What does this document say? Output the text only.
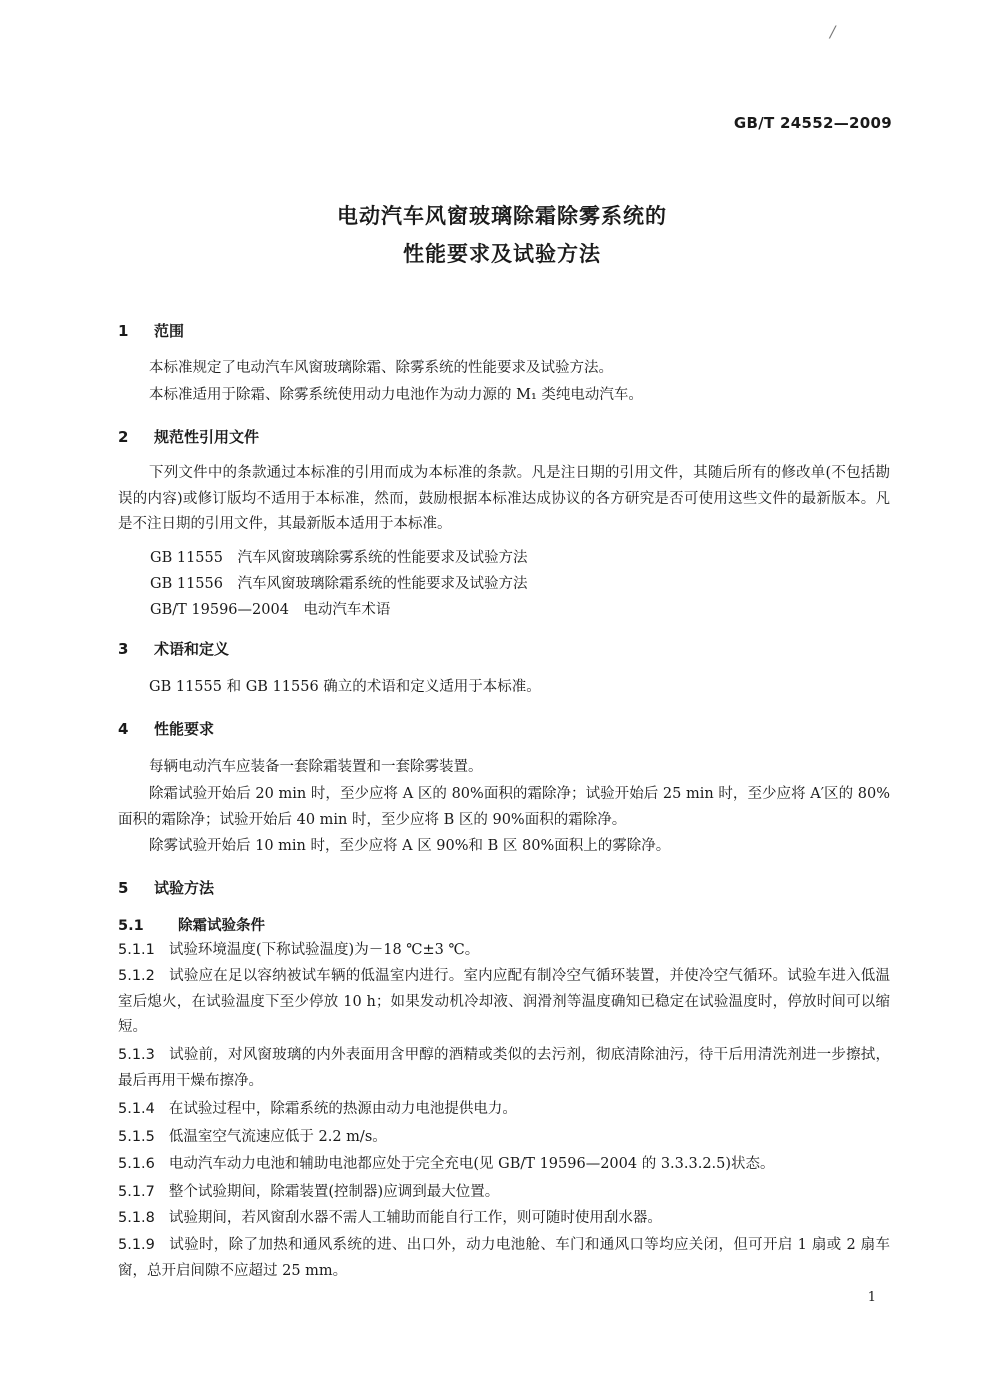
/
GB/T 24552—2009
电动汽车风窗玻璃除霜除雾系统的
性能要求及试验方法
1 范围
本标准规定了电动汽车风窗玻璃除霜、除雾系统的性能要求及试验方法。
本标准适用于除霜、除雾系统使用动力电池作为动力源的 M₁ 类纯电动汽车。
2 规范性引用文件
下列文件中的条款通过本标准的引用而成为本标准的条款。凡是注日期的引用文件，其随后所有的修改单(不包括勘误的内容)或修订版均不适用于本标准，然而，鼓励根据本标准达成协议的各方研究是否可使用这些文件的最新版本。凡是不注日期的引用文件，其最新版本适用于本标准。
GB 11555　汽车风窗玻璃除雾系统的性能要求及试验方法
GB 11556　汽车风窗玻璃除霜系统的性能要求及试验方法
GB/T 19596—2004　电动汽车术语
3 术语和定义
GB 11555 和 GB 11556 确立的术语和定义适用于本标准。
4 性能要求
每辆电动汽车应装备一套除霜装置和一套除雾装置。
除霜试验开始后 20 min 时，至少应将 A 区的 80%面积的霜除净；试验开始后 25 min 时，至少应将 A′区的 80%面积的霜除净；试验开始后 40 min 时，至少应将 B 区的 90%面积的霜除净。
除雾试验开始后 10 min 时，至少应将 A 区 90%和 B 区 80%面积上的雾除净。
5 试验方法
5.1 除霜试验条件
5.1.1 试验环境温度(下称试验温度)为－18 ℃±3 ℃。
5.1.2 试验应在足以容纳被试车辆的低温室内进行。室内应配有制冷空气循环装置，并使冷空气循环。试验车进入低温室后熄火，在试验温度下至少停放 10 h；如果发动机冷却液、润滑剂等温度确知已稳定在试验温度时，停放时间可以缩短。
5.1.3 试验前，对风窗玻璃的内外表面用含甲醇的酒精或类似的去污剂，彻底清除油污，待干后用清洗剂进一步擦拭，最后再用干燥布擦净。
5.1.4 在试验过程中，除霜系统的热源由动力电池提供电力。
5.1.5 低温室空气流速应低于 2.2 m/s。
5.1.6 电动汽车动力电池和辅助电池都应处于完全充电(见 GB/T 19596—2004 的 3.3.3.2.5)状态。
5.1.7 整个试验期间，除霜装置(控制器)应调到最大位置。
5.1.8 试验期间，若风窗刮水器不需人工辅助而能自行工作，则可随时使用刮水器。
5.1.9 试验时，除了加热和通风系统的进、出口外，动力电池舱、车门和通风口等均应关闭，但可开启 1 扇或 2 扇车窗，总开启间隙不应超过 25 mm。
1
